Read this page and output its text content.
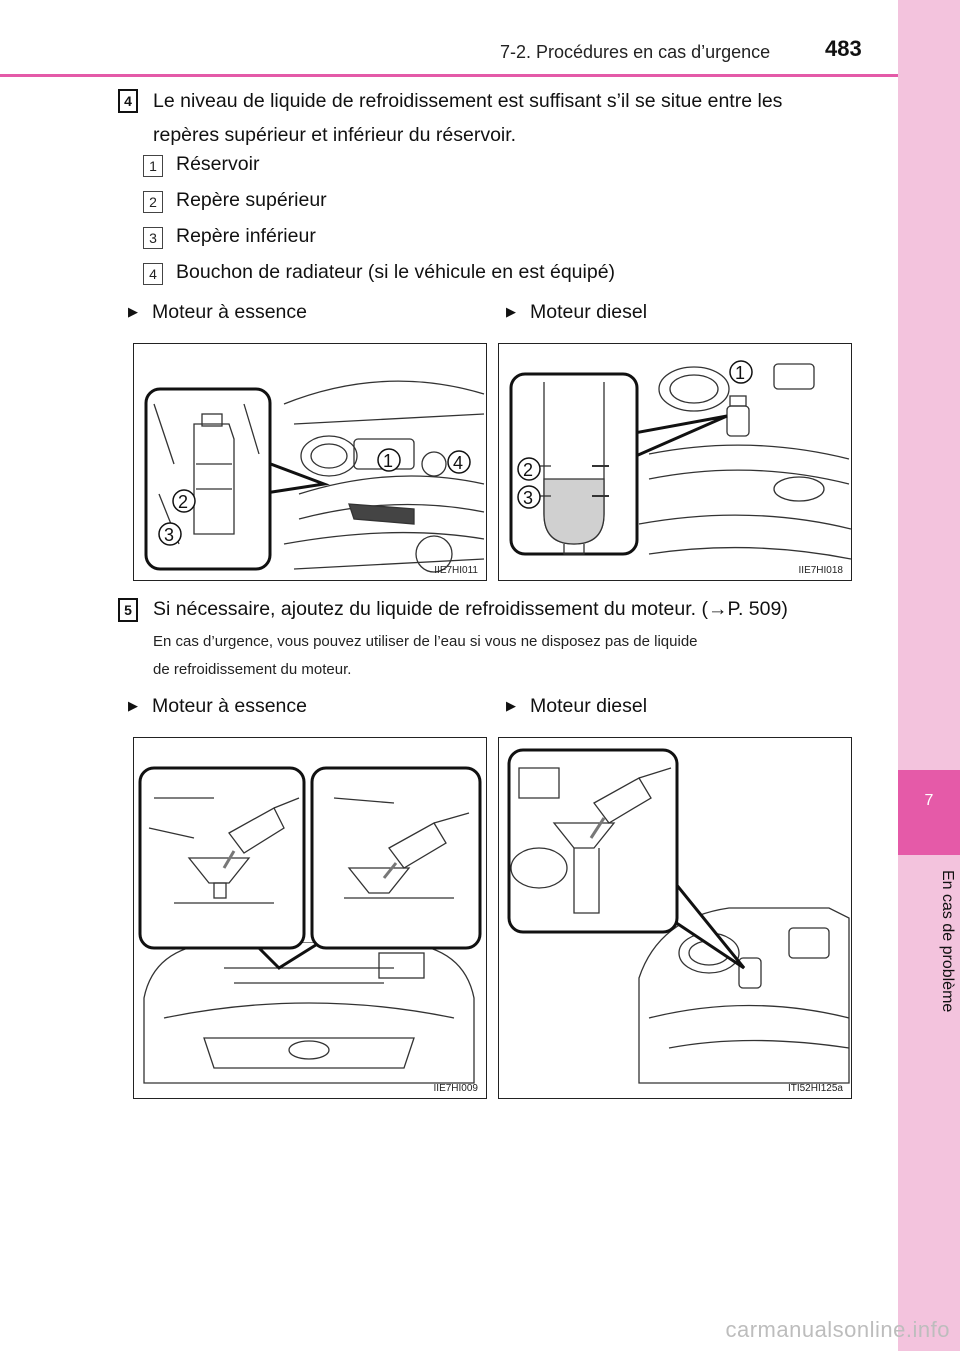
7-2. Procédures en cas d’urgence	483
7
En cas de problème
4	Le niveau de liquide de refroidissement est suffisant s’il se situe entre les
repères supérieur et inférieur du réservoir.
1 Réservoir
2 Repère supérieur
3 Repère inférieur
4 Bouchon de radiateur (si le véhicule en est équipé)
▶ Moteur à essence	▶ Moteur diesel
1	4
2
3
IIE7HI011
1
2
3
IIE7HI018
5	Si nécessaire, ajoutez du liquide de refroidissement du moteur. (→P. 509)
En cas d’urgence, vous pouvez utiliser de l’eau si vous ne disposez pas de liquide
de refroidissement du moteur.
▶ Moteur à essence	▶ Moteur diesel
IIE7HI009	ITI52HI125a
carmanualsonline.info
